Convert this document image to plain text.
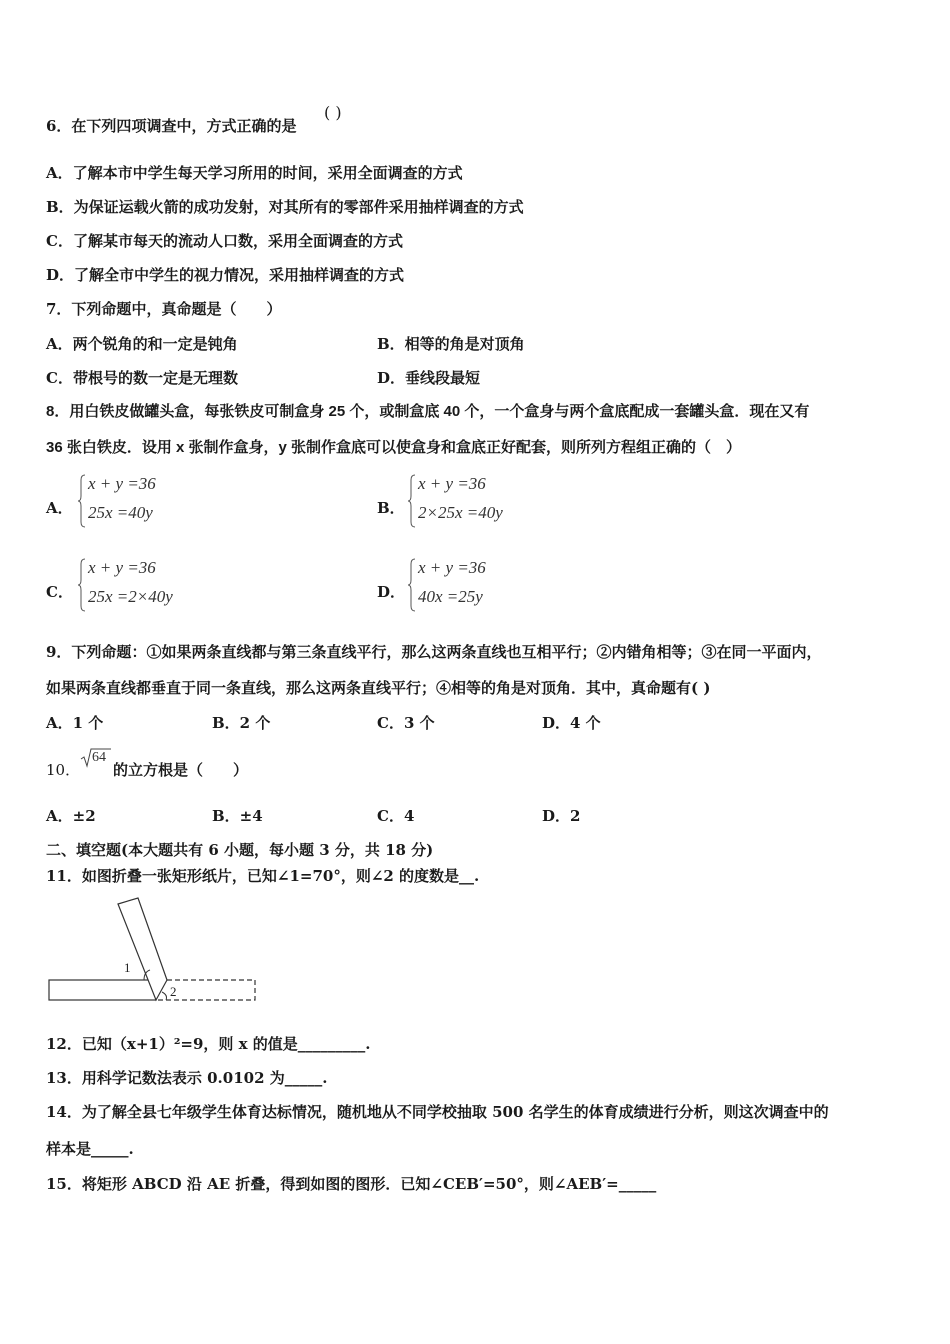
6．在下列四项调查中，方式正确的是
( )
A．了解本市中学生每天学习所用的时间，采用全面调查的方式
B．为保证运载火箭的成功发射，对其所有的零部件采用抽样调查的方式
C．了解某市每天的流动人口数，采用全面调查的方式
D．了解全市中学生的视力情况，采用抽样调查的方式
7．下列命题中，真命题是（　　）
A．两个锐角的和一定是钝角	B．相等的角是对顶角
C．带根号的数一定是无理数	D．垂线段最短
8．用白铁皮做罐头盒，每张铁皮可制盒身 25 个，或制盒底 40 个，一个盒身与两个盒底配成一套罐头盒．现在又有
36 张白铁皮．设用 x 张制作盒身，y 张制作盒底可以使盒身和盒底正好配套，则所列方程组正确的（　）
A．
x + y =36
25x =40y	B．
x + y =36
2×25x =40y
C．
x + y =36
25x =2×40y	D．
x + y =36
40x =25y
9．下列命题：①如果两条直线都与第三条直线平行，那么这两条直线也互相平行；②内错角相等；③在同一平面内，
如果两条直线都垂直于同一条直线，那么这两条直线平行；④相等的角是对顶角．其中，真命题有( )
A．1 个	B．2 个	C．3 个	D．4 个
10．
64
的立方根是（　　）
A．±2	B．±4	C．4	D．2
二、填空题(本大题共有 6 小题，每小题 3 分，共 18 分)
11．如图折叠一张矩形纸片，已知∠1=70°，则∠2 的度数是__.
1
2
12．已知（x+1）²=9，则 x 的值是_________.
13．用科学记数法表示 0.0102 为_____.
14．为了解全县七年级学生体育达标情况，随机地从不同学校抽取 500 名学生的体育成绩进行分析，则这次调查中的
样本是_____.
15．将矩形 ABCD 沿 AE 折叠，得到如图的图形．已知∠CEB′=50°，则∠AEB′=_____
